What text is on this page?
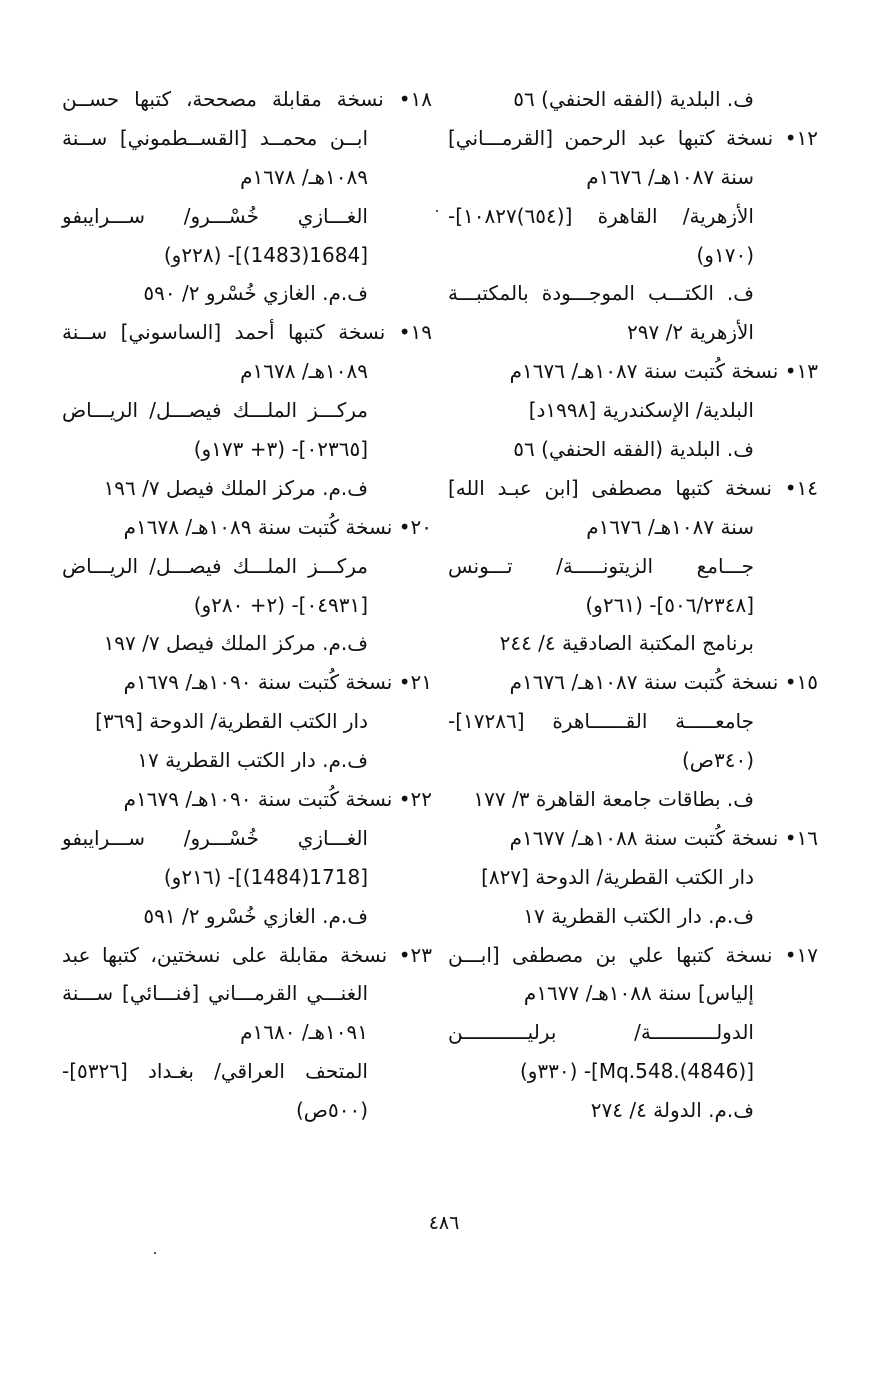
ف. البلدية (الفقه الحنفي) ٥٦
١٢• نسخة كتبها عبد الرحمن [القرمـــاني]
سنة ١٠٨٧هـ/ ١٦٧٦م
الأزهرية/ القاهرة [(٦٥٤)١٠٨٢٧]-
(١٧٠و)
ف. الكتـــب الموجـــودة بالمكتبـــة
الأزهرية ٢/ ٢٩٧
١٣• نسخة كُتبت سنة ١٠٨٧هـ/ ١٦٧٦م
البلدية/ الإسكندرية [١٩٩٨د]
ف. البلدية (الفقه الحنفي) ٥٦
١٤• نسخة كتبها مصطفى [ابن عبـد الله]
سنة ١٠٨٧هـ/ ١٦٧٦م
جـــامع الزيتونـــــة/ تـــونس
[٥٠٦/٢٣٤٨]- (٢٦١و)
برنامج المكتبة الصادقية ٤/ ٢٤٤
١٥• نسخة كُتبت سنة ١٠٨٧هـ/ ١٦٧٦م
جامعـــــة القــــــاهرة [١٧٢٨٦]-
(٣٤٠ص)
ف. بطاقات جامعة القاهرة ٣/ ١٧٧
١٦• نسخة كُتبت سنة ١٠٨٨هـ/ ١٦٧٧م
دار الكتب القطرية/ الدوحة [٨٢٧]
ف.م. دار الكتب القطرية ١٧
١٧• نسخة كتبها علي بن مصطفى [ابـــن
إلياس] سنة ١٠٨٨هـ/ ١٦٧٧م
الدولـــــــــــة/ برليـــــــــــن
[Mq.548.(4846)]- (٣٣٠و)
ف.م. الدولة ٤/ ٢٧٤
١٨• نسخة مقابلة مصححة، كتبها حســن
ابــن محمــد [القســطموني] ســنة
١٠٨٩هـ/ ١٦٧٨م
الغـــازي خُسْـــرو/ ســـرايبفو
[1684(1483)]- (٢٢٨و)
ف.م. الغازي خُسْرو ٢/ ٥٩٠
١٩• نسخة كتبها أحمد [الساسوني] ســنة
١٠٨٩هـ/ ١٦٧٨م
مركـــز الملـــك فيصـــل/ الريـــاض
[٠٢٣٦٥]- (٣+ ١٧٣و)
ف.م. مركز الملك فيصل ٧/ ١٩٦
٢٠• نسخة كُتبت سنة ١٠٨٩هـ/ ١٦٧٨م
مركـــز الملـــك فيصـــل/ الريـــاض
[٠٤٩٣١]- (٢+ ٢٨٠و)
ف.م. مركز الملك فيصل ٧/ ١٩٧
٢١• نسخة كُتبت سنة ١٠٩٠هـ/ ١٦٧٩م
دار الكتب القطرية/ الدوحة [٣٦٩]
ف.م. دار الكتب القطرية ١٧
٢٢• نسخة كُتبت سنة ١٠٩٠هـ/ ١٦٧٩م
الغـــازي خُسْـــرو/ ســـرايبفو
[1718(1484)]- (٢١٦و)
ف.م. الغازي خُسْرو ٢/ ٥٩١
٢٣• نسخة مقابلة على نسختين، كتبها عبد
الغنـــي القرمـــاني [فنـــائي] ســـنة
١٠٩١هـ/ ١٦٨٠م
المتحف العراقي/ بغـداد [٥٣٢٦]-
(٥٠٠ص)
٤٨٦
